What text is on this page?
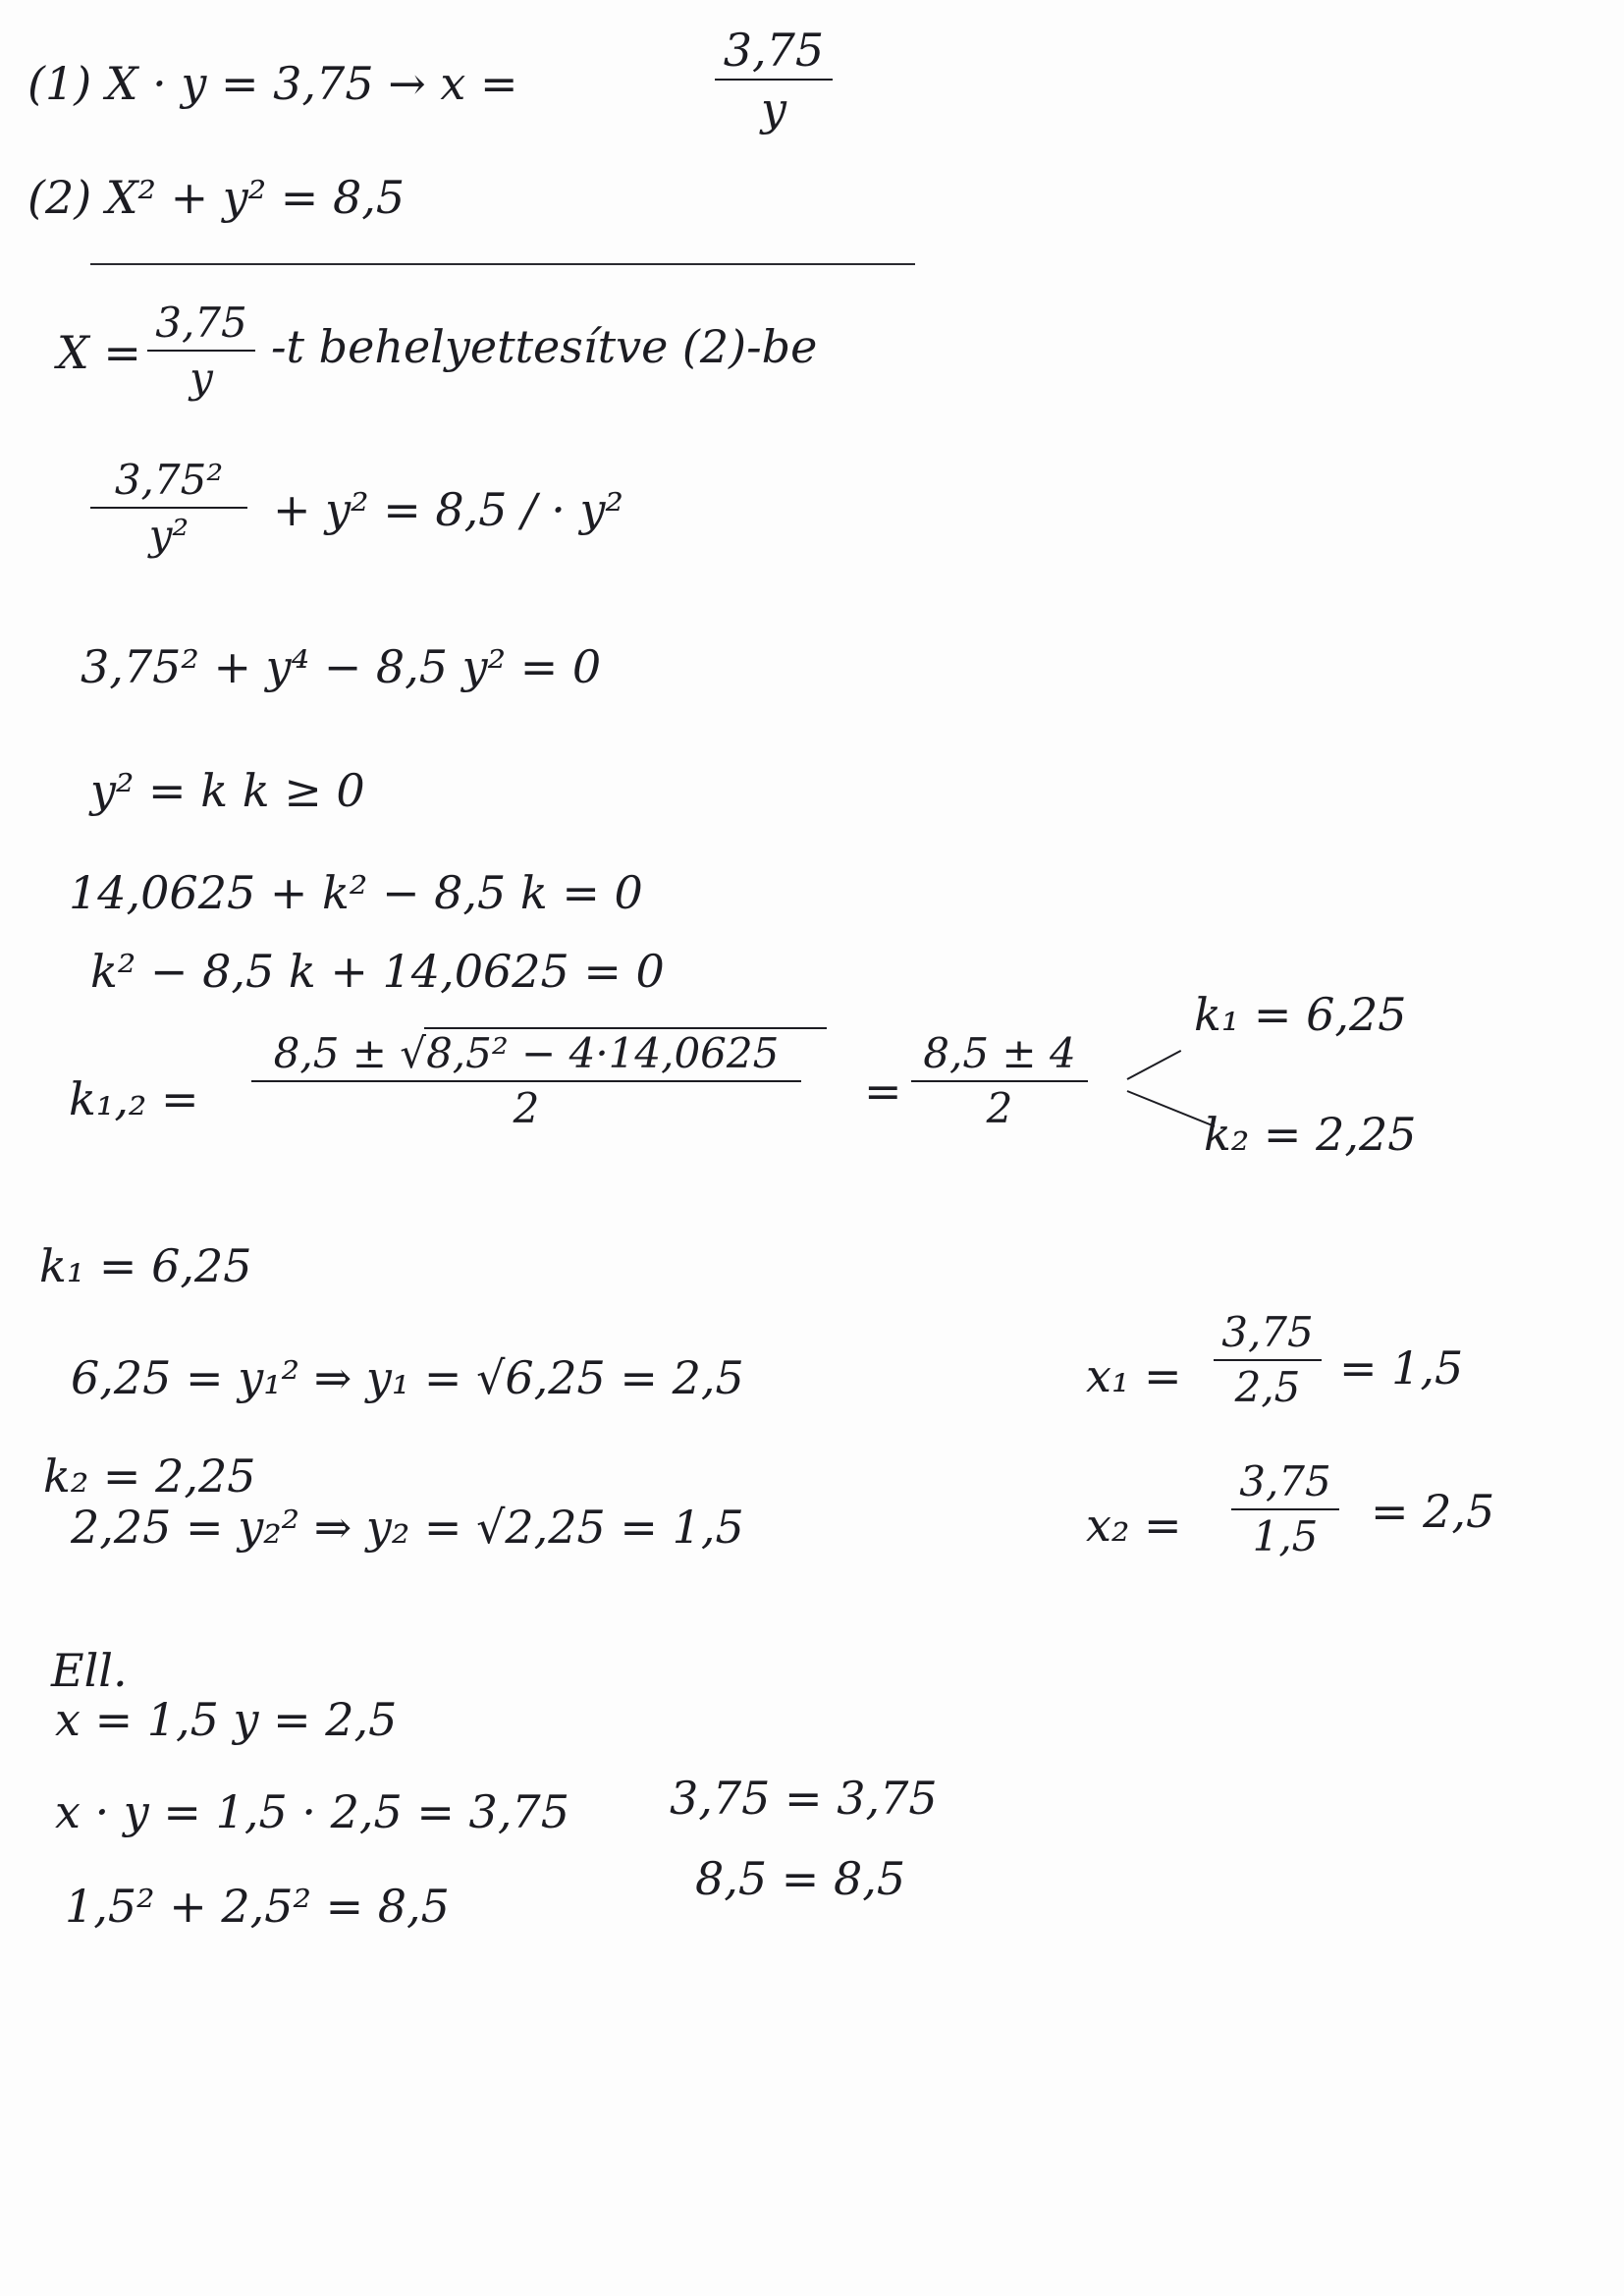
(1) X · y = 3,75 → x =
3,75
y
(2) X² + y² = 8,5
X =
3,75
y
-t behelyettesítve (2)-be
3,75²
y²	+ y² = 8,5 / · y²
3,75² + y⁴ − 8,5 y² = 0
y² = k k ≥ 0
14,0625 + k² − 8,5 k = 0
k² − 8,5 k + 14,0625 = 0
k₁,₂ =
8,5 ± √8,5² − 4·14,0625
2	=
8,5 ± 4
2
k₁ = 6,25
k₂ = 2,25
k₁ = 6,25
6,25 = y₁² ⇒ y₁ = √6,25 = 2,5	x₁ =
3,75
2,5 = 1,5
k₂ = 2,25
2,25 = y₂² ⇒ y₂ = √2,25 = 1,5	x₂ =
3,75
1,5	= 2,5
Ell.
x = 1,5 y = 2,5
x · y = 1,5 · 2,5 = 3,75 3,75 = 3,75
1,5² + 2,5² = 8,5
8,5 = 8,5
